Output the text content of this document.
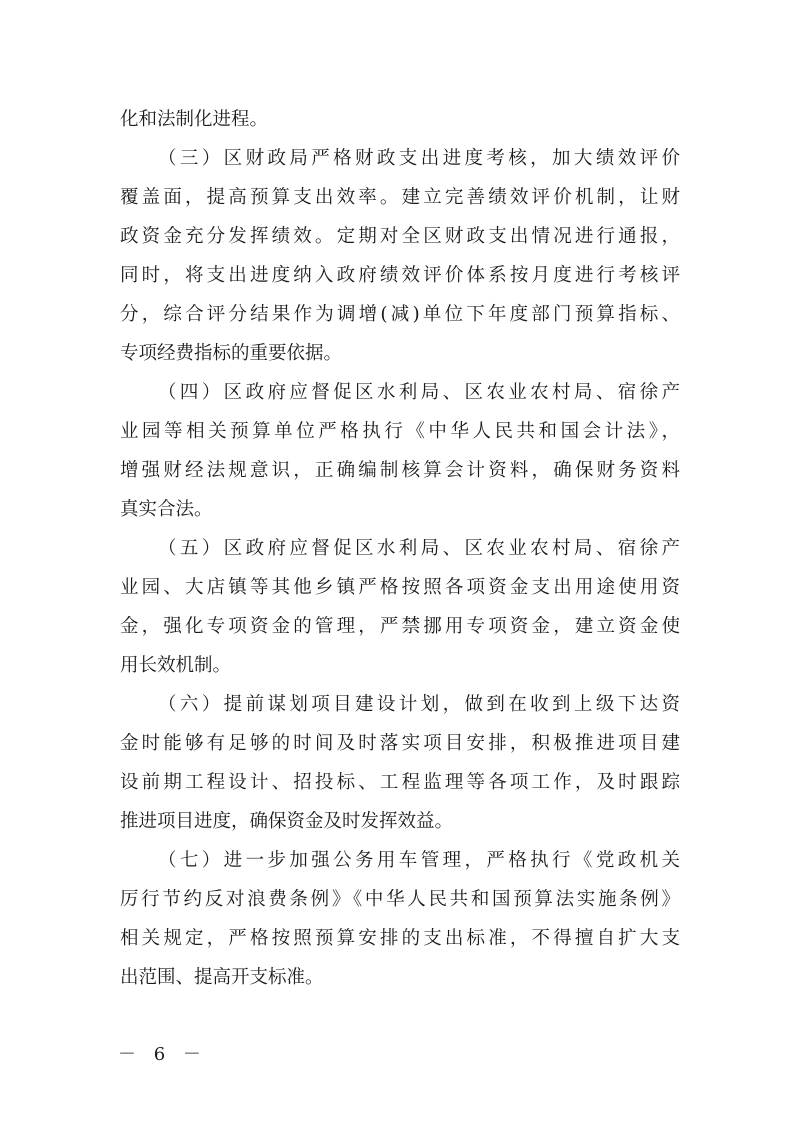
化和法制化进程。
（三）区财政局严格财政支出进度考核，加大绩效评价
覆盖面，提高预算支出效率。建立完善绩效评价机制，让财
政资金充分发挥绩效。定期对全区财政支出情况进行通报，
同时，将支出进度纳入政府绩效评价体系按月度进行考核评
分，综合评分结果作为调增(减)单位下年度部门预算指标、
专项经费指标的重要依据。
（四）区政府应督促区水利局、区农业农村局、宿徐产
业园等相关预算单位严格执行《中华人民共和国会计法》，
增强财经法规意识，正确编制核算会计资料，确保财务资料
真实合法。
（五）区政府应督促区水利局、区农业农村局、宿徐产
业园、大店镇等其他乡镇严格按照各项资金支出用途使用资
金，强化专项资金的管理，严禁挪用专项资金，建立资金使
用长效机制。
（六）提前谋划项目建设计划，做到在收到上级下达资
金时能够有足够的时间及时落实项目安排，积极推进项目建
设前期工程设计、招投标、工程监理等各项工作，及时跟踪
推进项目进度，确保资金及时发挥效益。
（七）进一步加强公务用车管理，严格执行《党政机关
厉行节约反对浪费条例》《中华人民共和国预算法实施条例》
相关规定，严格按照预算安排的支出标准，不得擅自扩大支
出范围、提高开支标准。
－ 6 －
